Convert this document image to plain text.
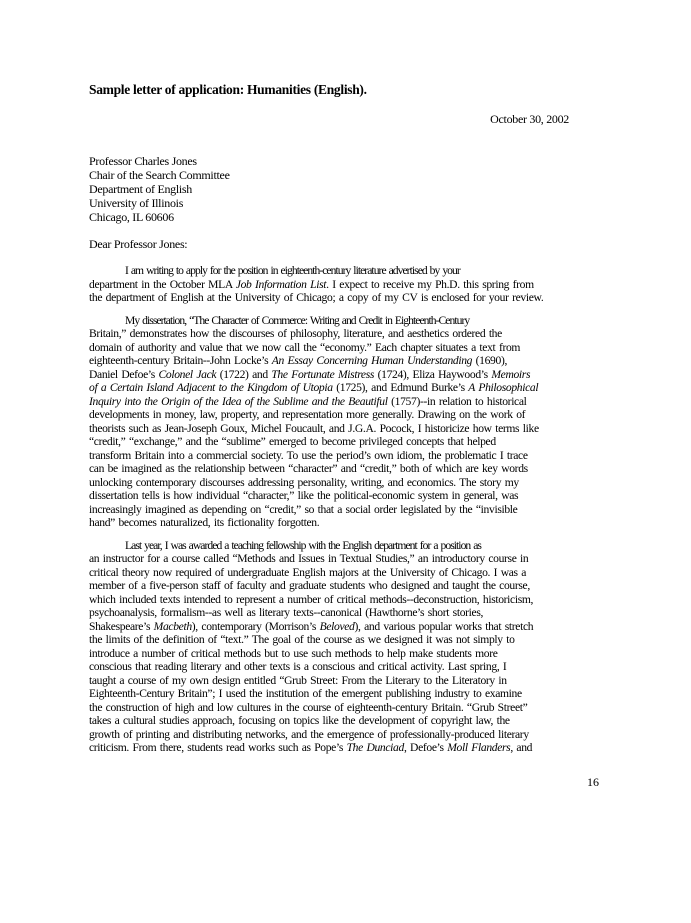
Sample letter of application: Humanities (English).
October 30, 2002
Professor Charles Jones
Chair of the Search Committee
Department of English
University of Illinois
Chicago, IL 60606
Dear Professor Jones:
I am writing to apply for the position in eighteenth-century literature advertised by your
department in the October MLA Job Information List. I expect to receive my Ph.D. this spring from
the department of English at the University of Chicago; a copy of my CV is enclosed for your review.
My dissertation, “The Character of Commerce: Writing and Credit in Eighteenth-Century
Britain,” demonstrates how the discourses of philosophy, literature, and aesthetics ordered the
domain of authority and value that we now call the “economy.” Each chapter situates a text from
eighteenth-century Britain--John Locke’s An Essay Concerning Human Understanding (1690),
Daniel Defoe’s Colonel Jack (1722) and The Fortunate Mistress (1724), Eliza Haywood’s Memoirs
of a Certain Island Adjacent to the Kingdom of Utopia (1725), and Edmund Burke’s A Philosophical
Inquiry into the Origin of the Idea of the Sublime and the Beautiful (1757)--in relation to historical
developments in money, law, property, and representation more generally. Drawing on the work of
theorists such as Jean-Joseph Goux, Michel Foucault, and J.G.A. Pocock, I historicize how terms like
“credit,” “exchange,” and the “sublime” emerged to become privileged concepts that helped
transform Britain into a commercial society. To use the period’s own idiom, the problematic I trace
can be imagined as the relationship between “character” and “credit,” both of which are key words
unlocking contemporary discourses addressing personality, writing, and economics. The story my
dissertation tells is how individual “character,” like the political-economic system in general, was
increasingly imagined as depending on “credit,” so that a social order legislated by the “invisible
hand” becomes naturalized, its fictionality forgotten.
Last year, I was awarded a teaching fellowship with the English department for a position as
an instructor for a course called “Methods and Issues in Textual Studies,” an introductory course in
critical theory now required of undergraduate English majors at the University of Chicago. I was a
member of a five-person staff of faculty and graduate students who designed and taught the course,
which included texts intended to represent a number of critical methods--deconstruction, historicism,
psychoanalysis, formalism--as well as literary texts--canonical (Hawthorne’s short stories,
Shakespeare’s Macbeth), contemporary (Morrison’s Beloved), and various popular works that stretch
the limits of the definition of “text.” The goal of the course as we designed it was not simply to
introduce a number of critical methods but to use such methods to help make students more
conscious that reading literary and other texts is a conscious and critical activity. Last spring, I
taught a course of my own design entitled “Grub Street: From the Literary to the Literatory in
Eighteenth-Century Britain”; I used the institution of the emergent publishing industry to examine
the construction of high and low cultures in the course of eighteenth-century Britain. “Grub Street”
takes a cultural studies approach, focusing on topics like the development of copyright law, the
growth of printing and distributing networks, and the emergence of professionally-produced literary
criticism. From there, students read works such as Pope’s The Dunciad, Defoe’s Moll Flanders, and
16
